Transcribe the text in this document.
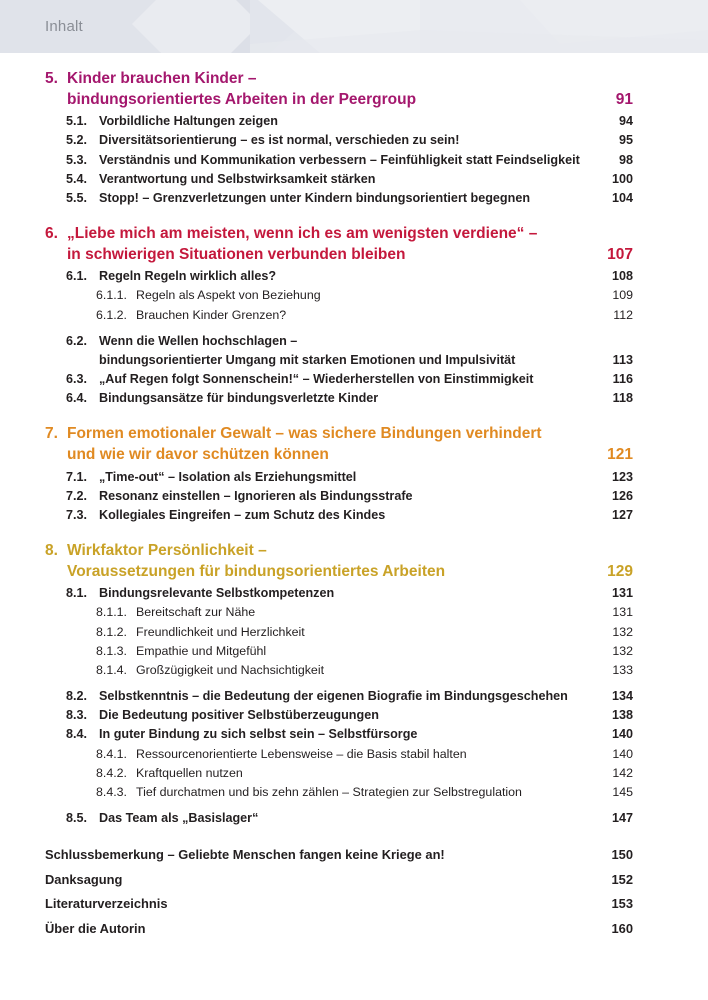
Inhalt
5. Kinder brauchen Kinder –
bindungsorientiertes Arbeiten in der Peergroup	91
5.1. Vorbildliche Haltungen zeigen	94
5.2. Diversitätsorientierung – es ist normal, verschieden zu sein!	95
5.3. Verständnis und Kommunikation verbessern – Feinfühligkeit statt Feindseligkeit	98
5.4. Verantwortung und Selbstwirksamkeit stärken	100
5.5. Stopp! – Grenzverletzungen unter Kindern bindungsorientiert begegnen	104
6. „Liebe mich am meisten, wenn ich es am wenigsten verdiene“ –
in schwierigen Situationen verbunden bleiben	107
6.1. Regeln Regeln wirklich alles?	108
6.1.1. Regeln als Aspekt von Beziehung	109
6.1.2. Brauchen Kinder Grenzen?	112
6.2. Wenn die Wellen hochschlagen –
bindungsorientierter Umgang mit starken Emotionen und Impulsivität	113
6.3. „Auf Regen folgt Sonnenschein!“ – Wiederherstellen von Einstimmigkeit	116
6.4. Bindungsansätze für bindungsverletzte Kinder	118
7. Formen emotionaler Gewalt – was sichere Bindungen verhindert
und wie wir davor schützen können	121
7.1. „Time-out“ – Isolation als Erziehungsmittel	123
7.2. Resonanz einstellen – Ignorieren als Bindungsstrafe	126
7.3. Kollegiales Eingreifen – zum Schutz des Kindes	127
8. Wirkfaktor Persönlichkeit –
Voraussetzungen für bindungsorientiertes Arbeiten	129
8.1. Bindungsrelevante Selbstkompetenzen	131
8.1.1. Bereitschaft zur Nähe	131
8.1.2. Freundlichkeit und Herzlichkeit	132
8.1.3. Empathie und Mitgefühl	132
8.1.4. Großzügigkeit und Nachsichtigkeit	133
8.2. Selbstkenntnis – die Bedeutung der eigenen Biografie im Bindungsgeschehen	134
8.3. Die Bedeutung positiver Selbstüberzeugungen	138
8.4. In guter Bindung zu sich selbst sein – Selbstfürsorge	140
8.4.1. Ressourcenorientierte Lebensweise – die Basis stabil halten	140
8.4.2. Kraftquellen nutzen	142
8.4.3. Tief durchatmen und bis zehn zählen – Strategien zur Selbstregulation	145
8.5. Das Team als „Basislager“	147
Schlussbemerkung – Geliebte Menschen fangen keine Kriege an!	150
Danksagung	152
Literaturverzeichnis	153
Über die Autorin	160
